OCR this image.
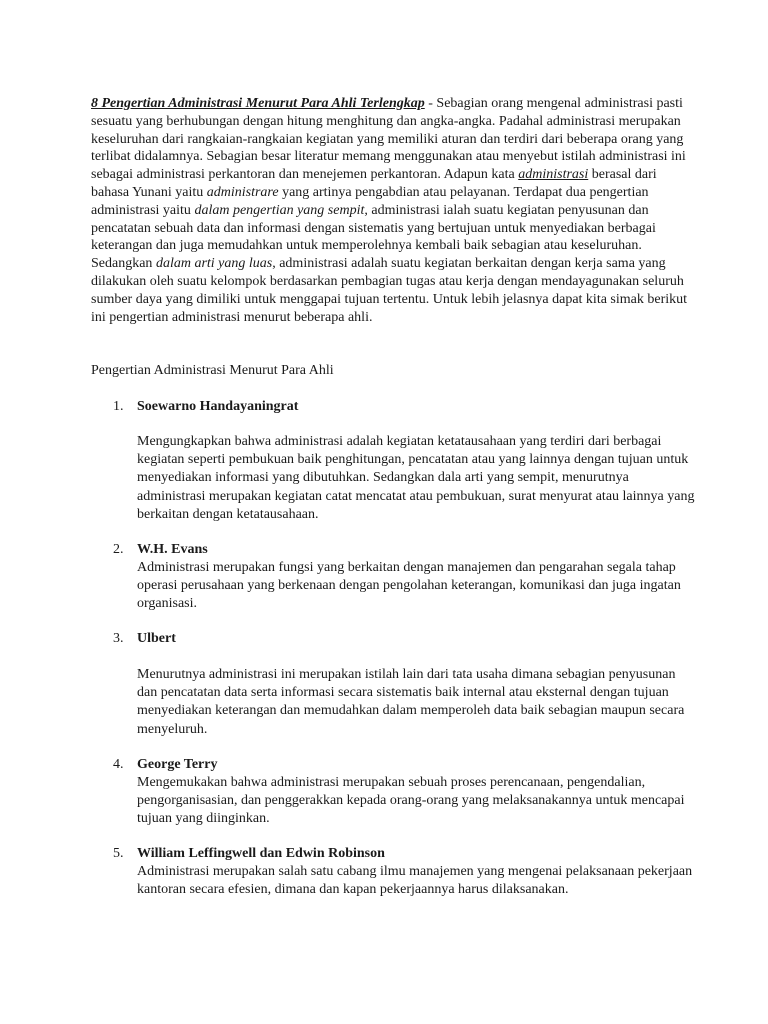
8 Pengertian Administrasi Menurut Para Ahli Terlengkap - Sebagian orang mengenal administrasi pasti sesuatu yang berhubungan dengan hitung menghitung dan angka-angka. Padahal administrasi merupakan keseluruhan dari rangkaian-rangkaian kegiatan yang memiliki aturan dan terdiri dari beberapa orang yang terlibat didalamnya. Sebagian besar literatur memang menggunakan atau menyebut istilah administrasi ini sebagai administrasi perkantoran dan menejemen perkantoran. Adapun kata administrasi berasal dari bahasa Yunani yaitu administrare yang artinya pengabdian atau pelayanan. Terdapat dua pengertian administrasi yaitu dalam pengertian yang sempit, administrasi ialah suatu kegiatan penyusunan dan pencatatan sebuah data dan informasi dengan sistematis yang bertujuan untuk menyediakan berbagai keterangan dan juga memudahkan untuk memperolehnya kembali baik sebagian atau keseluruhan. Sedangkan dalam arti yang luas, administrasi adalah suatu kegiatan berkaitan dengan kerja sama yang dilakukan oleh suatu kelompok berdasarkan pembagian tugas atau kerja dengan mendayagunakan seluruh sumber daya yang dimiliki untuk menggapai tujuan tertentu. Untuk lebih jelasnya dapat kita simak berikut ini pengertian administrasi menurut beberapa ahli.

Pengertian Administrasi Menurut Para Ahli
1. Soewarno Handayaningrat

Mengungkapkan bahwa administrasi adalah kegiatan ketatausahaan yang terdiri dari berbagai kegiatan seperti pembukuan baik penghitungan, pencatatan atau yang lainnya dengan tujuan untuk menyediakan informasi yang dibutuhkan. Sedangkan dala arti yang sempit, menurutnya administrasi merupakan kegiatan catat mencatat atau pembukuan, surat menyurat atau lainnya yang berkaitan dengan ketatausahaan.

2. W.H. Evans

Administrasi merupakan fungsi yang berkaitan dengan manajemen dan pengarahan segala tahap operasi perusahaan yang berkenaan dengan pengolahan keterangan, komunikasi dan juga ingatan organisasi.

3. Ulbert

Menurutnya administrasi ini merupakan istilah lain dari tata usaha dimana sebagian penyusunan dan pencatatan data serta informasi secara sistematis baik internal atau eksternal dengan tujuan menyediakan keterangan dan memudahkan dalam memperoleh data baik sebagian maupun secara menyeluruh.

4. George Terry

Mengemukakan bahwa administrasi merupakan sebuah proses perencanaan, pengendalian, pengorganisasian, dan penggerakkan kepada orang-orang yang melaksanakannya untuk mencapai tujuan yang diinginkan.

5. William Leffingwell dan Edwin Robinson

Administrasi merupakan salah satu cabang ilmu manajemen yang mengenai pelaksanaan pekerjaan kantoran secara efesien, dimana dan kapan pekerjaannya harus dilaksanakan.
